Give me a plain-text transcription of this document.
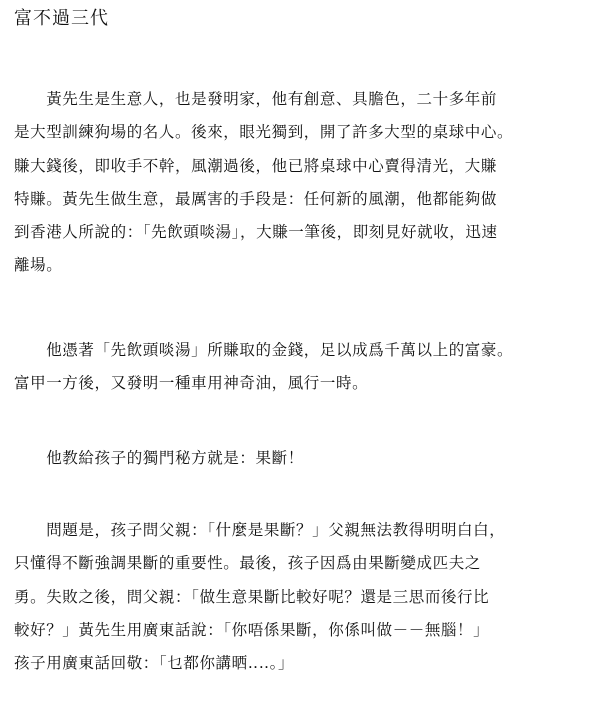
富不過三代
　　黃先生是生意人，也是發明家，他有創意、具膽色，二十多年前
是大型訓練狗場的名人。後來，眼光獨到，開了許多大型的桌球中心。
賺大錢後，即收手不幹，風潮過後，他已將桌球中心賣得清光，大賺
特賺。黃先生做生意，最厲害的手段是：任何新的風潮，他都能夠做
到香港人所說的：「先飲頭啖湯」，大賺一筆後，即刻見好就收，迅速
離場。
　　他憑著「先飲頭啖湯」所賺取的金錢，足以成爲千萬以上的富豪。
富甲一方後，又發明一種車用神奇油，風行一時。
　　他教給孩子的獨門秘方就是：果斷！
　　問題是，孩子問父親：「什麼是果斷？」父親無法教得明明白白，
只懂得不斷強調果斷的重要性。最後，孩子因爲由果斷變成匹夫之
勇。失敗之後，問父親：「做生意果斷比較好呢？還是三思而後行比
較好？」黃先生用廣東話說：「你唔係果斷，你係叫做－－無腦！」
孩子用廣東話回敬：「乜都你講晒‥‥。」
